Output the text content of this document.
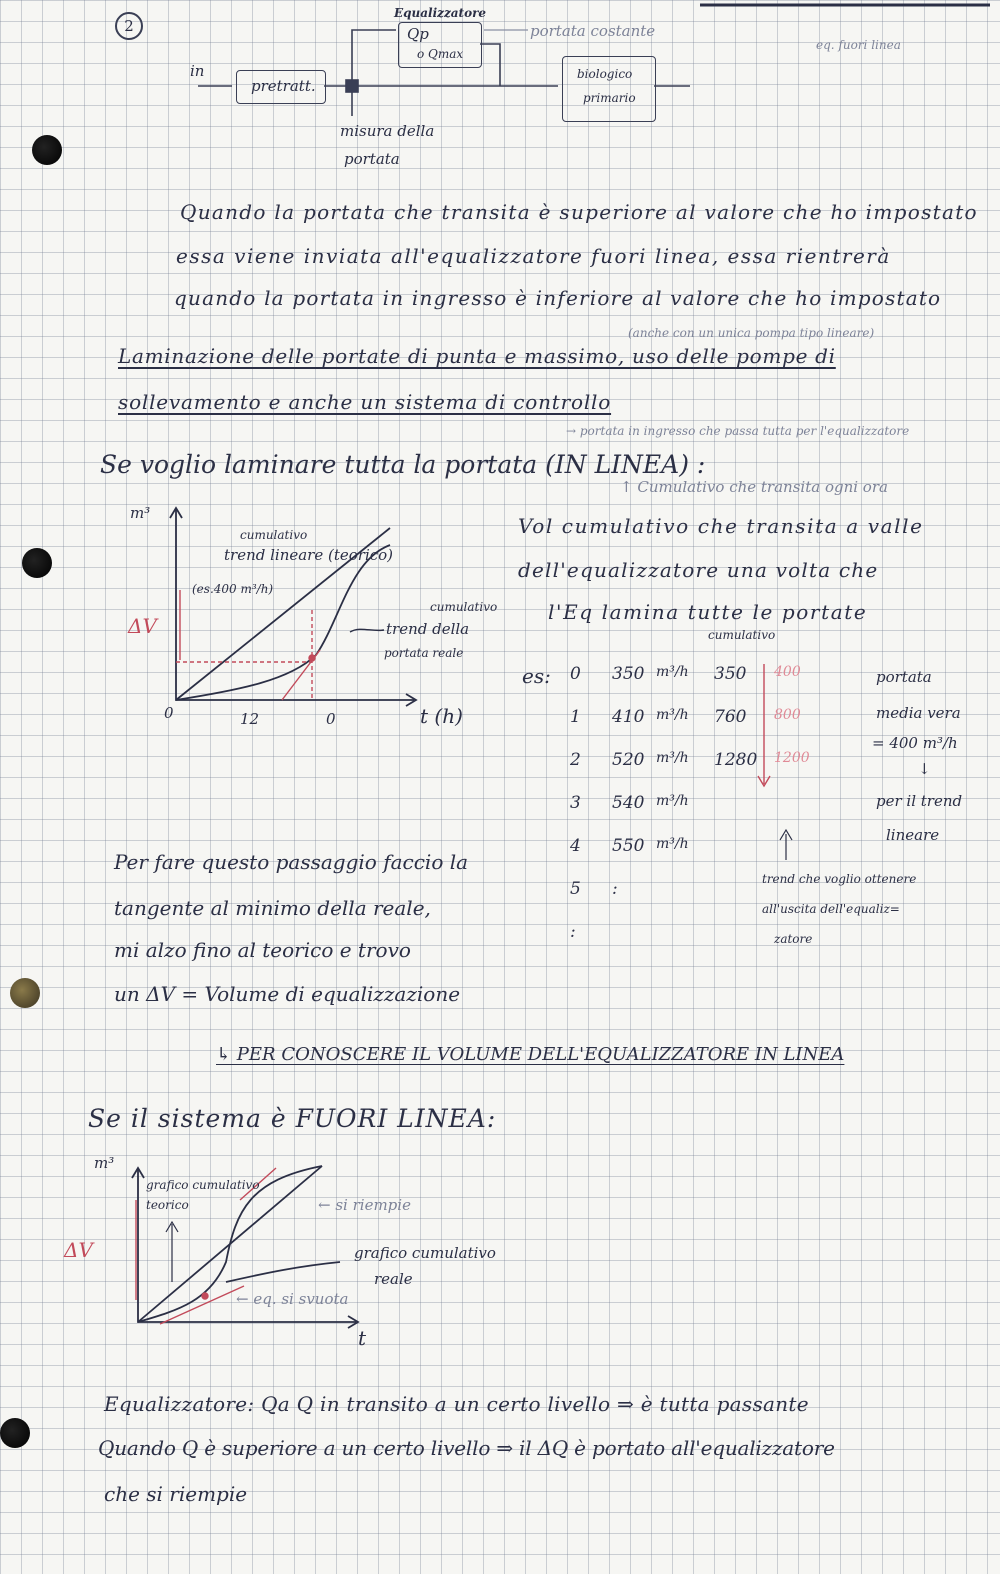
2
in
pretratt.
Equalizzatore
Qp
o Qmax
portata costante
eq. fuori linea
biologico
primario
misura della
portata
Quando la portata che transita è superiore al valore che ho impostato
essa viene inviata all'equalizzatore fuori linea, essa rientrerà
quando la portata in ingresso è inferiore al valore che ho impostato
(anche con un unica pompa tipo lineare)
Laminazione delle portate di punta e massimo, uso delle pompe di
sollevamento e anche un sistema di controllo
→ portata in ingresso che passa tutta per l'equalizzatore
Se voglio laminare tutta la portata (IN LINEA) :
↑ Cumulativo che transita ogni ora
m³
0	12	0	t (h)
ΔV
cumulativo
trend lineare (teorico)
(es.400 m³/h)
cumulativo
trend della
portata reale
Vol cumulativo che transita a valle
dell'equalizzatore una volta che
l'Eq lamina tutte le portate
cumulativo
es: 0 350 m³/h 350 400
1 410 m³/h 760 800
2 520 m³/h 1280 1200
3 540 m³/h
4 550 m³/h
5 :
:
portata
media vera
= 400 m³/h
↓
per il trend
lineare
trend che voglio ottenere
all'uscita dell'equaliz=
zatore
Per fare questo passaggio faccio la
tangente al minimo della reale,
mi alzo fino al teorico e trovo
un ΔV = Volume di equalizzazione
↳ PER CONOSCERE IL VOLUME DELL'EQUALIZZATORE IN LINEA
Se il sistema è FUORI LINEA:
m³
t
ΔV
grafico cumulativo
teorico	← si riempie
← eq. si svuota
grafico cumulativo
reale
Equalizzatore: Qa Q in transito a un certo livello ⇒ è tutta passante
Quando Q è superiore a un certo livello ⇒ il ΔQ è portato all'equalizzatore
che si riempie
